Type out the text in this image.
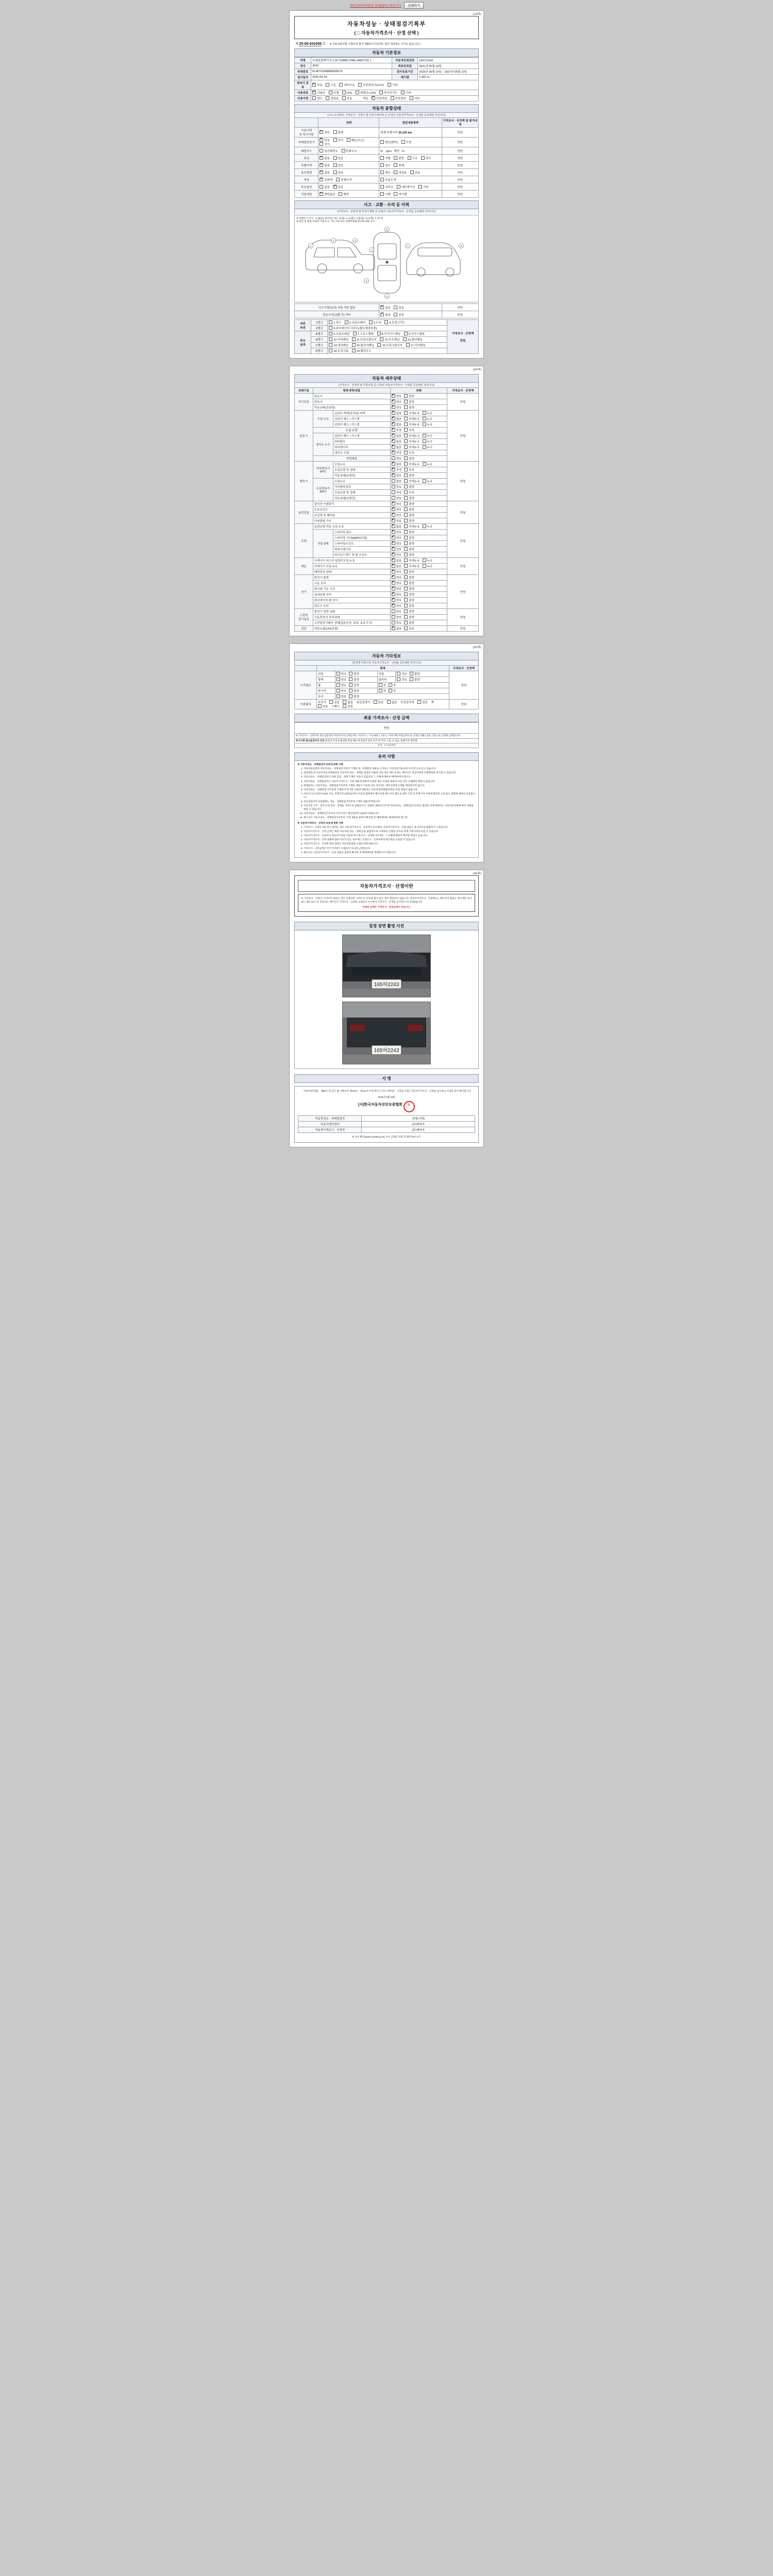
개인정보처리방침 안내(필독) 바로가기	인쇄하기
(1/4쪽)
자동차성능 · 상태점검기록부
( □ 자동차가격조사 · 산정 선택 )
제 25-00-041056 호 ※ 자동차관리법 시행규칙 별지 제82호서식(뒤쪽: 점검 개설에도 서식도 없습니다.)
자동차 기본정보
차명	트레일블레이저 1.35 TURBO FWD (4WD적용 )	자동차등록번호	165허2243
연식	2022	최초등록일	2021년 05월 14일
차대번호	KLM7C6UB8NB005674	검사유효기간	2025년 05월 14일 ~ 2027년 05월 13일
검사일자	2025-09-18	배기량	1,341 cc
변속기 종류	✔자동 수동 세미오토 무단변속기(CVT) 기타
사용연료	✔가솔린 디젤 LPG 휘발유+LPG 하이브리드 기타
사용이력	렌트 영업용 관용 색상 ✔ 단일색상 투톤칼라 기타
자동차 종합상태
(주요 조사항목, 가격조사 · 산정이 필 뒤쪽기재사항 중·산정의 자동차가격조사 · 산정률 공유해만 작성니다)
	상태	점검내용항목	가격조사 · 산정액 및 평가내역
사용이력
및 특기사항	✔양호 불량	현재 주행거리 30,293 km	만원
차대번호표기	✔양호 부식 훼손(오손) 상이	변조(변타) 도말	만원
배출가스	일산화탄소 탄화수소	%    ppm   매연   %	만원
튜닝	✔없음 있음	적법 불법 구조 장치	만원
특별이력	✔없음 있음	침수 화재	만원
용도변경	✔없음 있음	렌트 영업용 관용	만원
색상	✔무변색 전체도색	부분도색	만원
주요옵션	없음 ✔ 있음	선루프 네비게이션 기타	만원
리콜대상	✔해당없음 해당	이행 미이행	만원
사고 · 교환 · 수리 등 이력
(가격조사 · 산정에 필 뒤쪽기재항 중·산정의 자동차가격조사 · 산정률 공유해만 작성니다)
※ 상태표시 부호 : X (없음), W (판금 또는 용접), C (교환), A (흠집), U (요철), T (부식)
※ 판단 및 해당 부위의 기준조사, 기타 자동차의 상태부위별 판단에 대한 표시
M
1
2	3
4
5
6
7	8
9
사고이력(유의) 사항 여부 없음	✔없음 있음	만원
단순수리(교환 등) 여부	✔없음 있음	만원
외판
부위	1랭크	1.후드 2.프론트펜더 3.도어 4.트렁크리드	가격조사 · 산정액

만원
	2랭크	5.라디에이터 서포트(볼트체결부품)	
주요
골격	A랭크	6.프론트패널 7.크로스멤버 8.인사이드패널 9.사이드멤버	
	B랭크	10.리어패널 11.트렁크플로어 12.루프패널 13.필러패널	
	C랭크	14.대쉬패널 15.플로어패널 16.트렁크플로어 17.리어패널	
	D랭크	18.트렁크룸 19.휠하우스	
(2/4쪽)
자동차 세부상태
(가격조사 · 산정에 필 뒤쪽사항 중·산정의 자동차가격조사 · 산정률 공유해만 작성니다)
상태구분	항목내역/성질		상태	가격조사 · 산정액
자기진단	원동기	✔양호 불량	만원
	변속기	✔양호 불량
	작동상태(공회전)	✔양호 불량
원동기	오일 누유	실린더 커버(로커암) 커버	✔없음 미세누유 누유	만원
		실린더 헤드 / 가스켓	✔없음 미세누유 누유
		실린더 헤드 / 가스켓	✔없음 미세누유 누유
	오일 유량	✔적정 부족
	냉각수 누수	실린더 헤드 / 가스켓	✔없음 미세누수 누수
		워터펌프	✔없음 미세누수 누수
		라디에이터	✔없음 미세누수 누수
		냉각수 수량	✔적정 부족
	커먼레일		양호 불량	
변속기	자동변속기
(A/T)	오일누유	✔없음 미세누유 누유	만원
		오일유량 및 상태	✔적정 부족
		작동상태(공회전)	✔양호 불량
	수동변속기
(M/T)	오일누유	없음 미세누유 누유	
		기어변속장치	양호 불량	
		오일유량 및 상태	적정 부족	
		작동상태(공회전)	양호 불량	
동력전달	클러치 어셈블리	✔양호 불량	만원
	등속죠인트	✔양호 불량
	추진축 및 베어링	✔양호 불량
	디퍼렌셜 기어	✔양호 불량
조향	동력조향 작동 오일 누유	✔없음 미세누유 누유	만원
	작동상태	스티어링 펌프	✔양호 불량
		스티어링 기어(MDPS포함)	✔양호 불량
		스티어링조인트	✔양호 불량
		파워크랭크암	✔양호 불량
		타이로드엔드 및 볼 조인트	✔양호 불량
제동	브레이크 마스터 실린더오일 누유	✔없음 미세누유 누유	만원
	브레이크 오일 누유	✔없음 미세누유 누유
	배력장치 상태	✔양호 불량
전기	발전기 출력	✔양호 불량	만원
	시동 모터	✔양호 불량
	와이퍼 기능 이상	✔양호 불량
	실내송풍 모터	✔양호 불량
	라디에이터 팬 모터	✔양호 불량
	윈도우 모터	✔양호 불량
고전원
전기장치	충전구 절연 상태		양호 불량	만원
	구동축전지 격리상태		양호 불량	
	고전원전기배선 상태(접속단자, 피복, 보호기구)		양호 불량	
연료	연료누출(LPG포함)	✔없음 있음	만원
(3/4쪽)
자동차 기타정보
(점검계 뒤쪽사항 자동차가격조사 · 산정률 공유해만 작성니다)
	항목				가격조사 · 산정액
수리필요	외장	양호 불량	내장	양호 불량	만원
	광택	양호 불량	룸미러	양호 불량	
	휠	양호 불량	전 후		
	타이어	양호 불량	전 후		
	유리	양호 불량			
기본품목	보증서 있음 없음 취급설명서 있음 없음 안전삼각대 있음 잭 있음 스패너 있음				만원
최종 가격조사 · 산정 금액
만원
※ 가격조사 · 산정자의 성능점검결과 자동차가격 산정금액은 자동차 ( □ 가능내용 ) 기준 (□ 자격자체 적정금액으로 산정된 내용) 등을 기준으로 산정한 금액입니다.
특기사항 및\n점검자의 의견 품질의 특성상 발생될 만큼 훼손에 점검이 완료 되지 및 특이 도움 수 있음. 품별기준 권측함.
가격 · 조사산정자
유의 사항
※ 자동차성능 · 상태점검자 보증에 관한 사항
1. 자동차를점검한 자동차성능 · 상태점검기록부 기재한 내 · 상태점검 내용을 고지하는 자동차의 미(교/보/시)기준으로 같고 있습니다.
2. 점검결과 한 자동차성능상태점검자 자동차의 성능 · 상태를 점검한 내용과 다른 경우 매도인 또는 매수인은 점검자에게 손해배상을 청구할 수 있습니다.
3. 자동차성능 · 상태점검자가 차량 점검 · 상태 기재된 자동차 점검자의 그 손해에 대하여 배상하여야 합니다.
4. 자동차성능 · 상태점검자가 자동차가격조사 · 산정 내용에 대하여 보증한 경우 보증한 내용과 다른 경우 손해배상 책임이 있습니다.
5. 매매업자는 자동차성능 · 상태점검기록부에 기재된 내용이 사실과 다른 경우에는 매수인에게 손해를 배상하여야 합니다.
6. 자동차성능 · 상태점검 기록부에 기재되지 아니한 사항에 대하여는 자동차관리법령에 따른 보증 책임이 없습니다.
7. 자동차 인도일부터 30일 이상, 주행거리 2천킬로미터 이상의 범위에서 매수인과 매도인이 별도로 정한 기간 및 주행거리 이내에 발견된 고장 또는 결함에 대하여 보증합니다.
8. 성능점검자의 보증범위는 성능 · 상태점검기록부에 기재된 내용에 한합니다.
9. 자동차의 구조 · 장치 등의 성능 · 상태를 거짓으로 점검하거나, 점검한 내용과 다르게 자동차성능 · 상태점검기록부를 발급한 자에 대하여는 자동차관리법에 따라 처벌을 받을 수 있습니다.
10. 자동차성능 · 상태점검기록부의 유효기간은 발급일부터 120일 이내입니다.
11. 매수인은 자동차성능 · 상태점검기록부의 기재 내용을 충분히 확인한 후 매매계약을 체결하여야 합니다.
※ 자동차가격조사 · 산정자 보증에 관한 사항
1. 가격조사 · 산정은 매수인이 원하는 경우 자동차가격조사 · 산정자가 실시하며, 자동차가격조사 · 산정 내용은 참고자료로 활용하시기 바랍니다.
2. 자동차가격조사 · 산정 금액은 해당 자동차의 성능 · 상태 등을 종합적으로 고려하여 산정한 것으로 실제 거래가격과 다를 수 있습니다.
3. 자동차가격조사 · 산정자가 자동차가격을 사실과 다르게 조사 · 산정한 경우에는 그 손해에 대하여 배상할 책임이 있습니다.
4. 자동차가격조사 · 산정 내용에 대한 이의가 있는 경우에는 가격조사 · 산정자에게 재산정을 요청할 수 있습니다.
5. 자동차가격조사 · 산정에 관한 내용은 자동차관리법 시행규칙에 따릅니다.
6. 가격조사 · 산정금액은 부가가치세가 포함되지 아니한 금액입니다.
7. 매수인은 자동차가격조사 · 산정 내용을 충분히 확인한 후 매매계약을 체결하시기 바랍니다.
(4/4쪽)
자동차가격조사 · 산정이란
※ '가격조사 · 산정'은 소비자가 원하는 경우 보장되며 '가격조사 산정'을 받지 않은 경우 발급되지 않습니다. 자동차가격조사 · 산정제도는 매수인이 원하는 경우에만 실시하는 제도로서, 본 자동차는 매수인이 가격조사 · 산정을 요청하지 아니하여 가격조사 · 산정을 실시하지 아니하였습니다.
아래의 금액은 가격조사 · 산정금액이 아닙니다.
검정 장면 촬영 사진
165허2243
165허2243
서 명
「자동차관리법」 제58조 및 같은 법 시행규칙 제120조 · 제121조기에 따라 ( 구조/그래개선 · 산정을 포함 ) 자동차가격조사 · 산정을 실시하고 이상과 같이 확인합니다.
2025년 9월 18일
[사]한국자동차진단보증협회 印
자동차성능 · 상태점검자	성명(서명)
자동차정비업자	(주)해피카
자동차가격조사 · 산정자	(주)해피카
※ 자선 확인(www.car365.go.kr) 자사 금액을 조회 및 확인하여 보기
